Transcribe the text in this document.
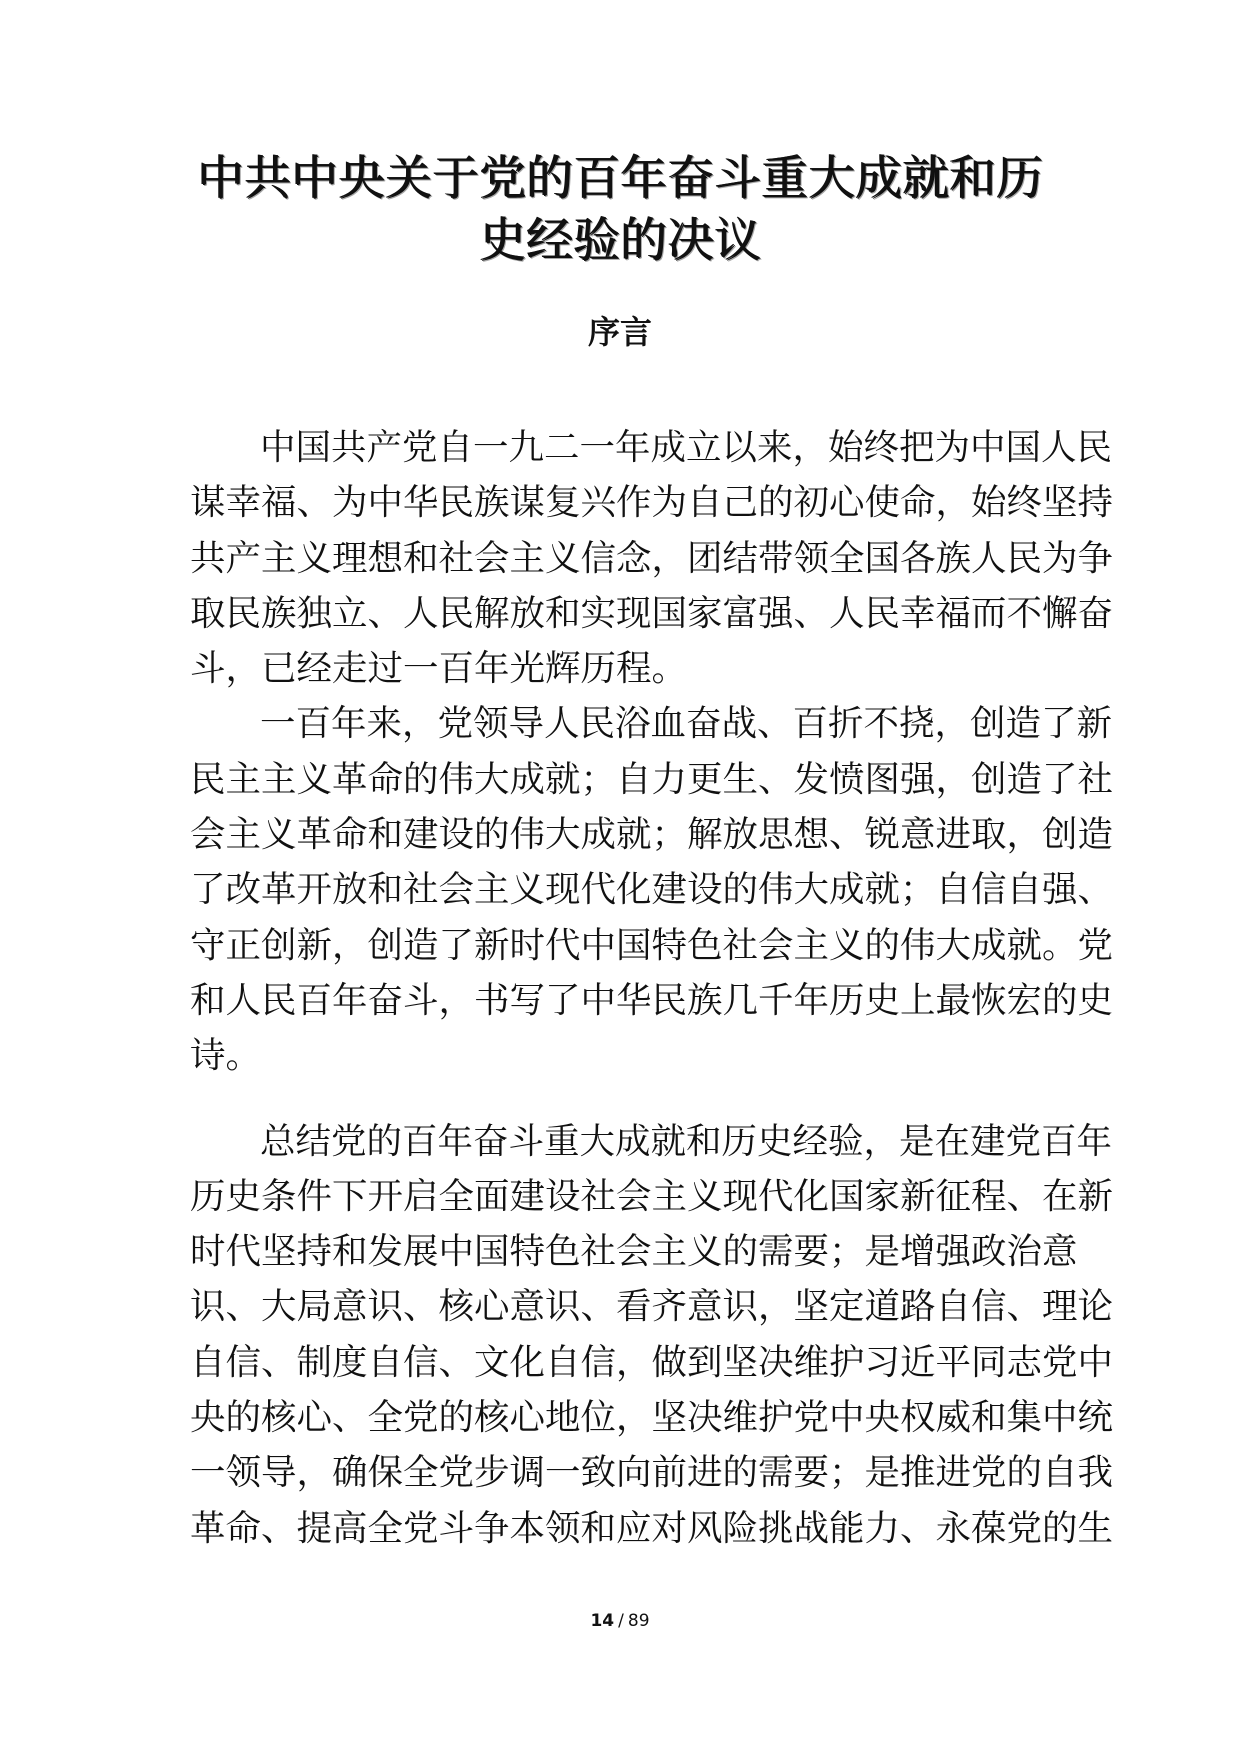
中共中央关于党的百年奋斗重大成就和历
史经验的决议
序言
中国共产党自一九二一年成立以来，始终把为中国人民
谋幸福、为中华民族谋复兴作为自己的初心使命，始终坚持
共产主义理想和社会主义信念，团结带领全国各族人民为争
取民族独立、人民解放和实现国家富强、人民幸福而不懈奋
斗，已经走过一百年光辉历程。
一百年来，党领导人民浴血奋战、百折不挠，创造了新
民主主义革命的伟大成就；自力更生、发愤图强，创造了社
会主义革命和建设的伟大成就；解放思想、锐意进取，创造
了改革开放和社会主义现代化建设的伟大成就；自信自强、
守正创新，创造了新时代中国特色社会主义的伟大成就。党
和人民百年奋斗，书写了中华民族几千年历史上最恢宏的史
诗。
总结党的百年奋斗重大成就和历史经验，是在建党百年
历史条件下开启全面建设社会主义现代化国家新征程、在新
时代坚持和发展中国特色社会主义的需要；是增强政治意
识、大局意识、核心意识、看齐意识，坚定道路自信、理论
自信、制度自信、文化自信，做到坚决维护习近平同志党中
央的核心、全党的核心地位，坚决维护党中央权威和集中统
一领导，确保全党步调一致向前进的需要；是推进党的自我
革命、提高全党斗争本领和应对风险挑战能力、永葆党的生
14 / 89
